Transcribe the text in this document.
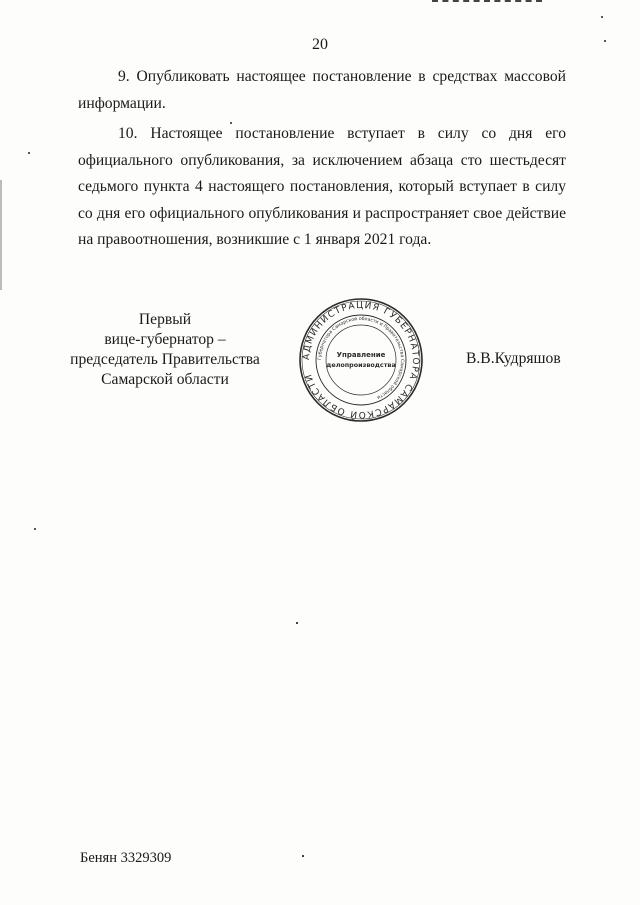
20

9. Опубликовать настоящее постановление в средствах массовой информации.

10. Настоящее постановление вступает в силу со дня его официального опубликования, за исключением абзаца сто шестьдесят седьмого пункта 4 настоящего постановления, который вступает в силу со дня его официального опубликования и распространяет свое действие на правоотношения, возникшие с 1 января 2021 года.

Первый
вице-губернатор –
председатель Правительства
Самарской области
АДМИНИСТРАЦИЯ ГУБЕРНАТОРА САМАРСКОЙ ОБЛАСТИ
Губернатора Самарской области и Правительства Самарской области
Управление
делопроизводства	В.В.Кудряшов
Бенян 3329309
